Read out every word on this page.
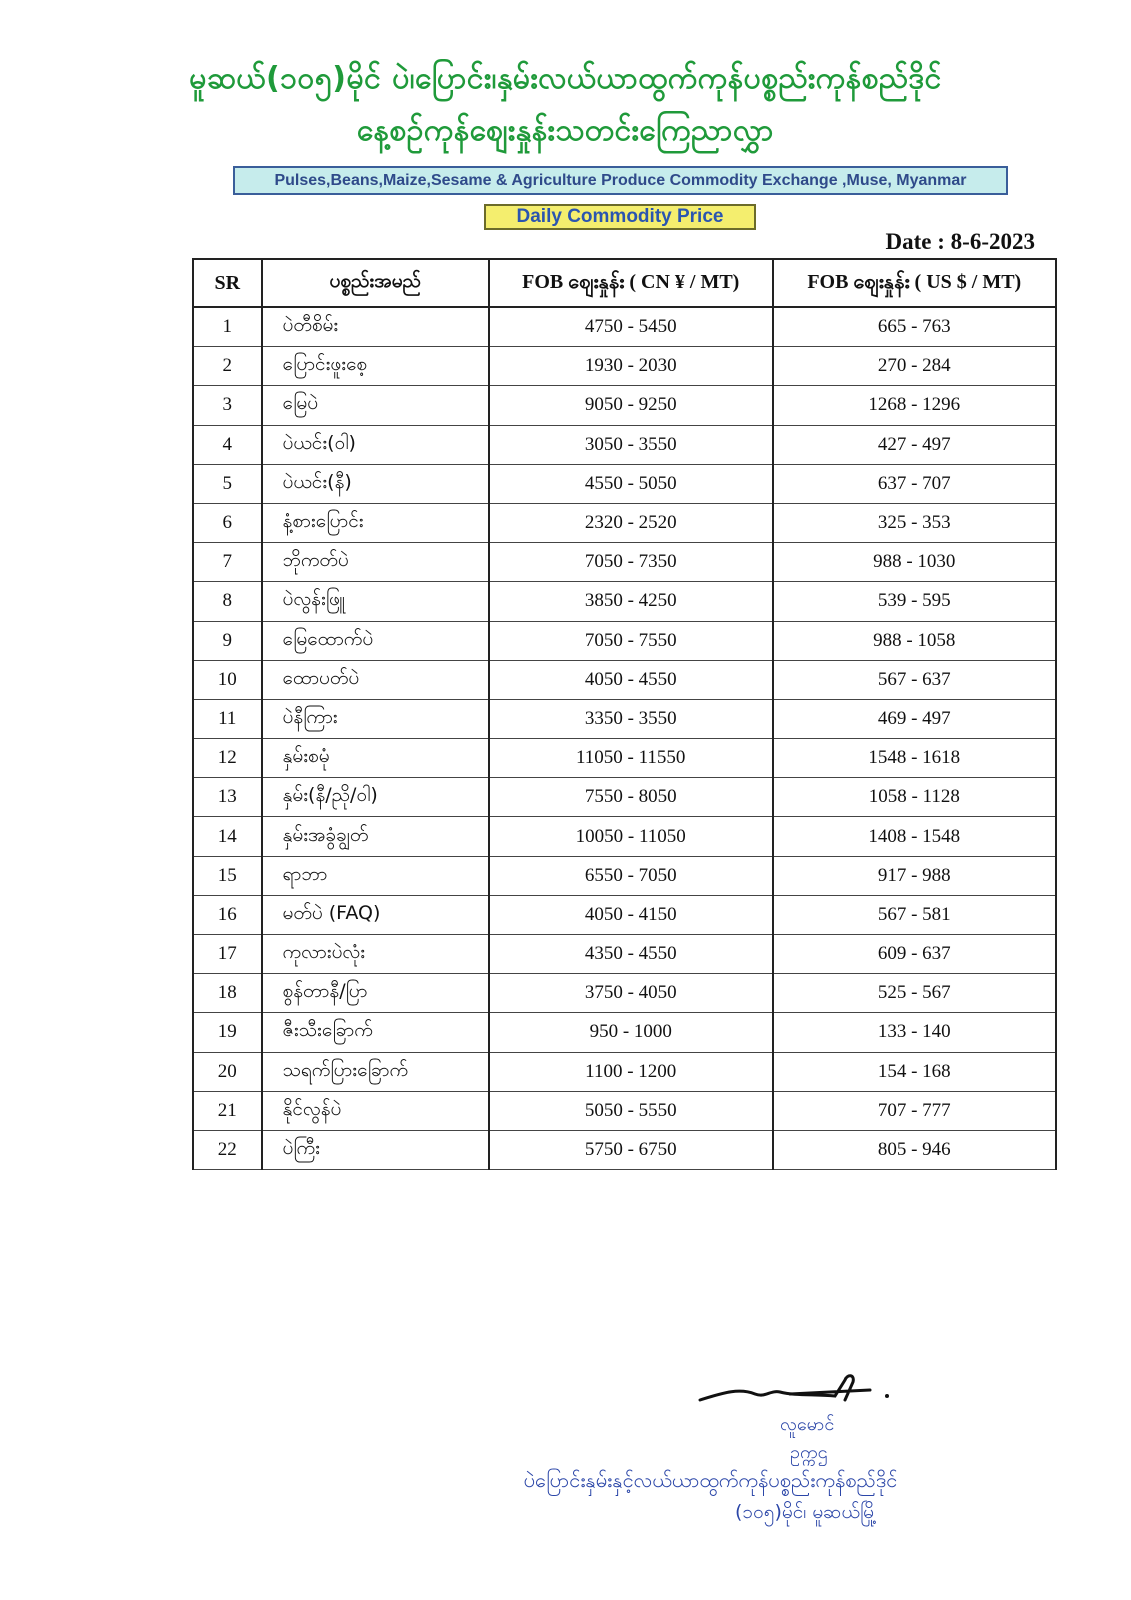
မူဆယ်(၁၀၅)မိုင် ပဲ၊ပြောင်း၊နှမ်းလယ်ယာထွက်ကုန်ပစ္စည်းကုန်စည်ဒိုင်
နေ့စဉ်ကုန်စျေးနှုန်းသတင်းကြေညာလွှာ
Pulses,Beans,Maize,Sesame & Agriculture Produce Commodity Exchange ,Muse, Myanmar
Daily Commodity Price
Date : 8-6-2023
SR	ပစ္စည်းအမည်	FOB စျေးနှုန်း ( CN ¥ / MT)	FOB စျေးနှုန်း ( US $ / MT)
1	ပဲတီစိမ်း	4750 - 5450	665 - 763
2	ပြောင်းဖူးစေ့	1930 - 2030	270 - 284
3	မြေပဲ	9050 - 9250	1268 - 1296
4	ပဲယင်း(ဝါ)	3050 - 3550	427 - 497
5	ပဲယင်း(နီ)	4550 - 5050	637 - 707
6	နံ့စားပြောင်း	2320 - 2520	325 - 353
7	ဘိုကတ်ပဲ	7050 - 7350	988 - 1030
8	ပဲလွန်းဖြူ	3850 - 4250	539 - 595
9	မြေထောက်ပဲ	7050 - 7550	988 - 1058
10	ထောပတ်ပဲ	4050 - 4550	567 - 637
11	ပဲနီကြား	3350 - 3550	469 - 497
12	နှမ်းစမုံ	11050 - 11550	1548 - 1618
13	နှမ်း(နီ/ညို/ဝါ)	7550 - 8050	1058 - 1128
14	နှမ်းအခွံချွတ်	10050 - 11050	1408 - 1548
15	ရာဘာ	6550 - 7050	917 - 988
16	မတ်ပဲ (FAQ)	4050 - 4150	567 - 581
17	ကုလားပဲလုံး	4350 - 4550	609 - 637
18	စွန်တာနီ/ပြာ	3750 - 4050	525 - 567
19	ဇီးသီးခြောက်	950 - 1000	133 - 140
20	သရက်ပြားခြောက်	1100 - 1200	154 - 168
21	နိုင်လွန်ပဲ	5050 - 5550	707 - 777
22	ပဲကြီး	5750 - 6750	805 - 946
လူမောင်
ဥက္ကဌ
ပဲပြောင်းနှမ်းနှင့်လယ်ယာထွက်ကုန်ပစ္စည်းကုန်စည်ဒိုင်
(၁၀၅)မိုင်၊ မူဆယ်မြို့
